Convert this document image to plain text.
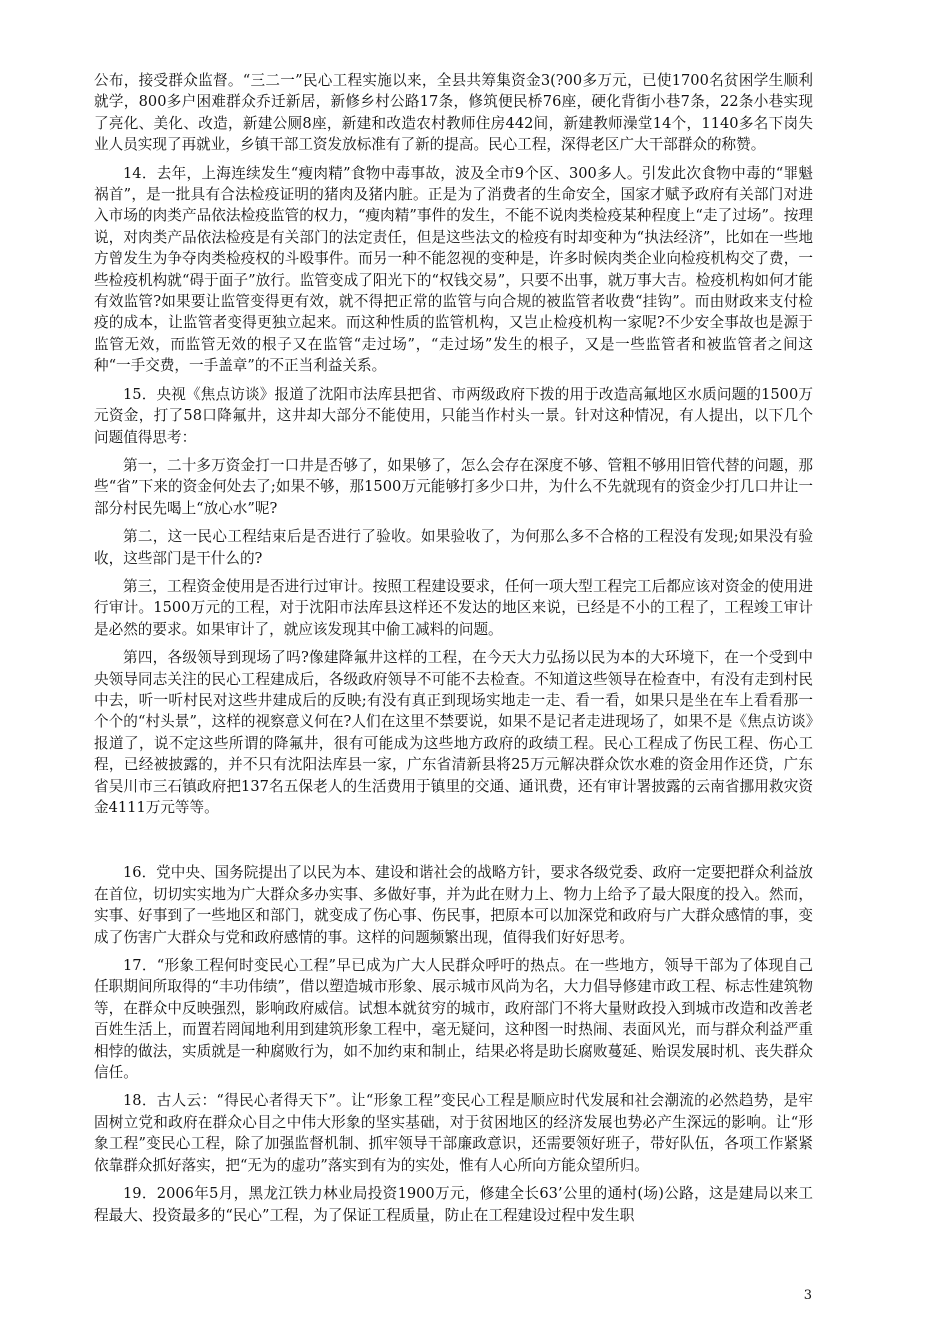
公布，接受群众监督。“三二一”民心工程实施以来，全县共筹集资金3(?00多万元，已使1700名贫困学生顺利就学，800多户困难群众乔迁新居，新修乡村公路17条，修筑便民桥76座，硬化背街小巷7条，22条小巷实现了亮化、美化、改造，新建公厕8座，新建和改造农村教师住房442间，新建教师澡堂14个，1140多名下岗失业人员实现了再就业，乡镇干部工资发放标准有了新的提高。民心工程，深得老区广大干部群众的称赞。

14．去年，上海连续发生“瘦肉精”食物中毒事故，波及全市9个区、300多人。引发此次食物中毒的“罪魁祸首”，是一批具有合法检疫证明的猪肉及猪内脏。正是为了消费者的生命安全，国家才赋予政府有关部门对进入市场的肉类产品依法检疫监管的权力，“瘦肉精”事件的发生，不能不说肉类检疫某种程度上“走了过场”。按理说，对肉类产品依法检疫是有关部门的法定责任，但是这些法文的检疫有时却变种为“执法经济”，比如在一些地方曾发生为争夺肉类检疫权的斗殴事件。而另一种不能忽视的变种是，许多时候肉类企业向检疫机构交了费，一些检疫机构就“碍于面子”放行。监管变成了阳光下的“权钱交易”，只要不出事，就万事大吉。检疫机构如何才能有效监管?如果要让监管变得更有效，就不得把正常的监管与向合规的被监管者收费“挂钩”。而由财政来支付检疫的成本，让监管者变得更独立起来。而这种性质的监管机构，又岂止检疫机构一家呢?不少安全事故也是源于监管无效，而监管无效的根子又在监管“走过场”，“走过场”发生的根子，又是一些监管者和被监管者之间这种“一手交费，一手盖章”的不正当利益关系。

15．央视《焦点访谈》报道了沈阳市法库县把省、市两级政府下拨的用于改造高氟地区水质问题的1500万元资金，打了58口降氟井，这井却大部分不能使用，只能当作村头一景。针对这种情况，有人提出，以下几个问题值得思考：

第一，二十多万资金打一口井是否够了，如果够了，怎么会存在深度不够、管粗不够用旧管代替的问题，那些“省”下来的资金何处去了;如果不够，那1500万元能够打多少口井，为什么不先就现有的资金少打几口井让一部分村民先喝上“放心水”呢?

第二，这一民心工程结束后是否进行了验收。如果验收了，为何那么多不合格的工程没有发现;如果没有验收，这些部门是干什么的?

第三，工程资金使用是否进行过审计。按照工程建设要求，任何一项大型工程完工后都应该对资金的使用进行审计。1500万元的工程，对于沈阳市法库县这样还不发达的地区来说，已经是不小的工程了，工程竣工审计是必然的要求。如果审计了，就应该发现其中偷工减料的问题。

第四，各级领导到现场了吗?像建降氟井这样的工程，在今天大力弘扬以民为本的大环境下，在一个受到中央领导同志关注的民心工程建成后，各级政府领导不可能不去检查。不知道这些领导在检查中，有没有走到村民中去，听一听村民对这些井建成后的反映;有没有真正到现场实地走一走、看一看，如果只是坐在车上看看那一个个的“村头景”，这样的视察意义何在?人们在这里不禁要说，如果不是记者走进现场了，如果不是《焦点访谈》报道了，说不定这些所谓的降氟井，很有可能成为这些地方政府的政绩工程。民心工程成了伤民工程、伤心工程，已经被披露的，并不只有沈阳法库县一家，广东省清新县将25万元解决群众饮水难的资金用作还贷，广东省吴川市三石镇政府把137名五保老人的生活费用于镇里的交通、通讯费，还有审计署披露的云南省挪用救灾资金4111万元等等。

16．党中央、国务院提出了以民为本、建设和谐社会的战略方针，要求各级党委、政府一定要把群众利益放在首位，切切实实地为广大群众多办实事、多做好事，并为此在财力上、物力上给予了最大限度的投入。然而，实事、好事到了一些地区和部门，就变成了伤心事、伤民事，把原本可以加深党和政府与广大群众感情的事，变成了伤害广大群众与党和政府感情的事。这样的问题频繁出现，值得我们好好思考。

17．“形象工程何时变民心工程”早已成为广大人民群众呼吁的热点。在一些地方，领导干部为了体现自己任职期间所取得的“丰功伟绩”，借以塑造城市形象、展示城市风尚为名，大力倡导修建市政工程、标志性建筑物等，在群众中反映强烈，影响政府威信。试想本就贫穷的城市，政府部门不将大量财政投入到城市改造和改善老百姓生活上，而置若罔闻地利用到建筑形象工程中，毫无疑问，这种图一时热闹、表面风光，而与群众利益严重相悖的做法，实质就是一种腐败行为，如不加约束和制止，结果必将是助长腐败蔓延、贻误发展时机、丧失群众信任。

18．古人云：“得民心者得天下”。让“形象工程”变民心工程是顺应时代发展和社会潮流的必然趋势，是牢固树立党和政府在群众心目之中伟大形象的坚实基础，对于贫困地区的经济发展也势必产生深远的影响。让“形象工程”变民心工程，除了加强监督机制、抓牢领导干部廉政意识，还需要领好班子，带好队伍，各项工作紧紧依靠群众抓好落实，把“无为的虚功”落实到有为的实处，惟有人心所向方能众望所归。

19．2006年5月，黑龙江铁力林业局投资1900万元，修建全长63’公里的通村(场)公路，这是建局以来工程最大、投资最多的“民心”工程，为了保证工程质量，防止在工程建设过程中发生职

3
